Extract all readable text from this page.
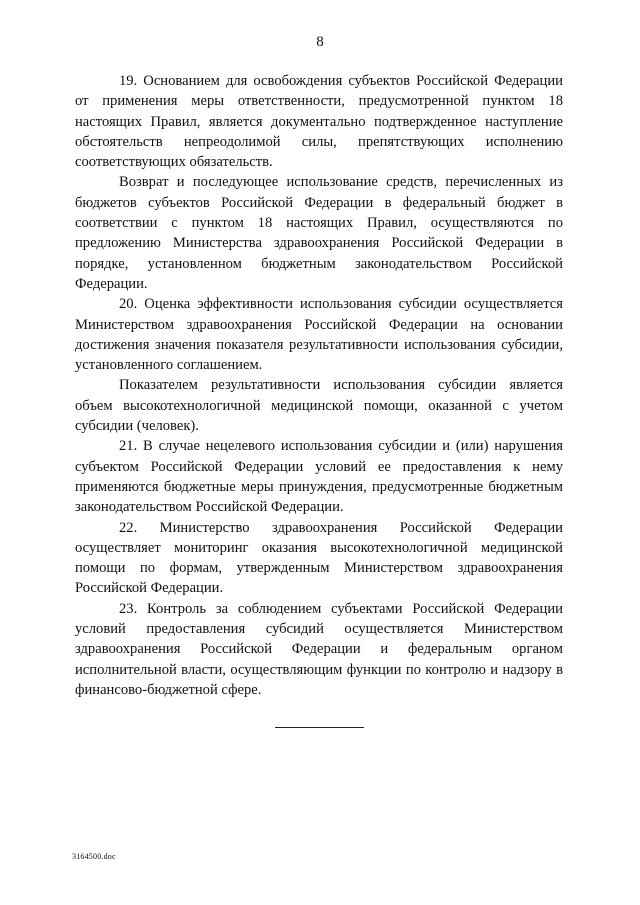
8

19. Основанием для освобождения субъектов Российской Федерации от применения меры ответственности, предусмотренной пунктом 18 настоящих Правил, является документально подтвержденное наступление обстоятельств непреодолимой силы, препятствующих исполнению соответствующих обязательств.

Возврат и последующее использование средств, перечисленных из бюджетов субъектов Российской Федерации в федеральный бюджет в соответствии с пунктом 18 настоящих Правил, осуществляются по предложению Министерства здравоохранения Российской Федерации в порядке, установленном бюджетным законодательством Российской Федерации.

20. Оценка эффективности использования субсидии осуществляется Министерством здравоохранения Российской Федерации на основании достижения значения показателя результативности использования субсидии, установленного соглашением.

Показателем результативности использования субсидии является объем высокотехнологичной медицинской помощи, оказанной с учетом субсидии (человек).

21. В случае нецелевого использования субсидии и (или) нарушения субъектом Российской Федерации условий ее предоставления к нему применяются бюджетные меры принуждения, предусмотренные бюджетным законодательством Российской Федерации.

22. Министерство здравоохранения Российской Федерации осуществляет мониторинг оказания высокотехнологичной медицинской помощи по формам, утвержденным Министерством здравоохранения Российской Федерации.

23. Контроль за соблюдением субъектами Российской Федерации условий предоставления субсидий осуществляется Министерством здравоохранения Российской Федерации и федеральным органом исполнительной власти, осуществляющим функции по контролю и надзору в финансово-бюджетной сфере.

3164500.doc
